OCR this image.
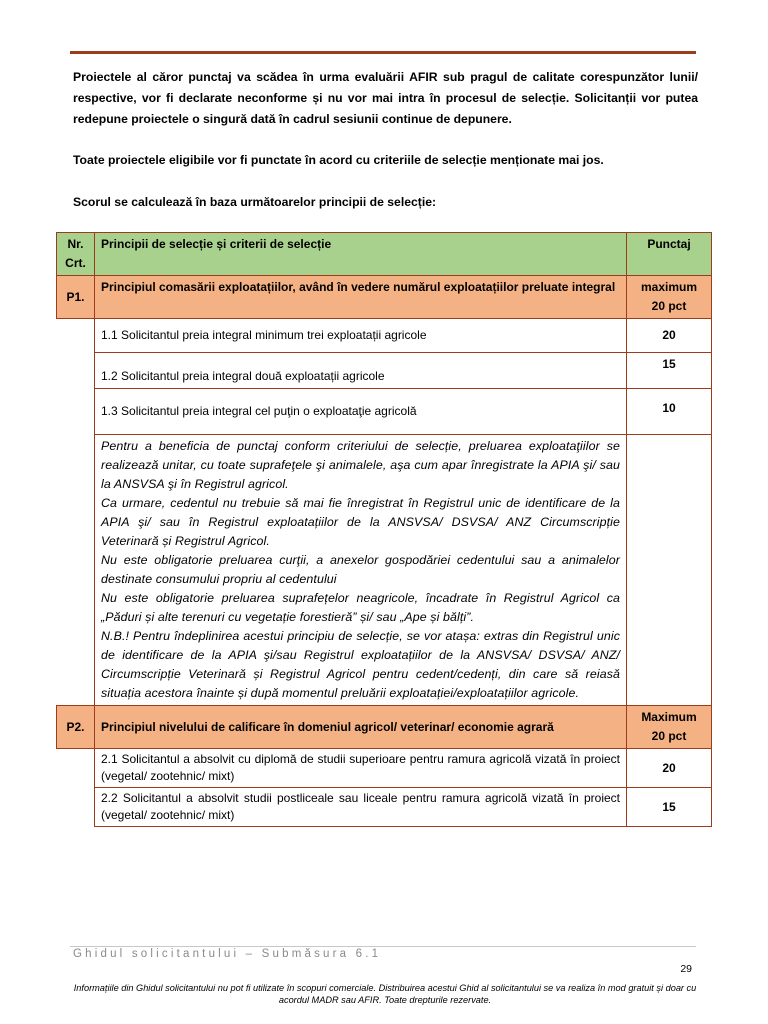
Proiectele al căror punctaj va scădea în urma evaluării AFIR sub pragul de calitate corespunzător lunii/ respective, vor fi declarate neconforme și nu vor mai intra în procesul de selecție. Solicitanții vor putea redepune proiectele o singură dată în cadrul sesiunii continue de depunere.

Toate proiectele eligibile vor fi punctate în acord cu criteriile de selecție menționate mai jos.

Scorul se calculează în baza următoarelor principii de selecție:

Nr. Crt.	Principii de selecție și criterii de selecție	Punctaj
P1.	Principiul comasării exploatațiilor, având în vedere numărul exploatațiilor preluate integral	maximum 20 pct
	1.1 Solicitantul preia integral minimum trei exploatații agricole	20
	1.2 Solicitantul preia integral două exploatații agricole	15
	1.3 Solicitantul preia integral cel puţin o exploataţie agricolă	10

	Pentru a beneficia de punctaj conform criteriului de selecție, preluarea exploataţiilor se realizează unitar, cu toate suprafeţele şi animalele, aşa cum apar înregistrate la APIA şi/ sau la ANSVSA şi în Registrul agricol.
Ca urmare, cedentul nu trebuie să mai fie înregistrat în Registrul unic de identificare de la APIA şi/ sau în Registrul exploatațiilor de la ANSVSA/ DSVSA/ ANZ Circumscripție Veterinară și Registrul Agricol.
Nu este obligatorie preluarea curţii, a anexelor gospodăriei cedentului sau a animalelor destinate consumului propriu al cedentului
Nu este obligatorie preluarea suprafețelor neagricole, încadrate în Registrul Agricol ca „Păduri și alte terenuri cu vegetație forestieră” și/ sau „Ape și bălți”.
N.B.! Pentru îndeplinirea acestui principiu de selecție, se vor atașa: extras din Registrul unic de identificare de la APIA şi/sau Registrul exploatațiilor de la ANSVSA/ DSVSA/ ANZ/ Circumscripție Veterinară și Registrul Agricol pentru cedent/cedenți, din care să reiasă situația acestora înainte și după momentul preluării exploatației/exploatațiilor agricole.	

P2.	Principiul nivelului de calificare în domeniul agricol/ veterinar/ economie agrară	Maximum 20 pct
	2.1 Solicitantul a absolvit cu diplomă de studii superioare pentru ramura agricolă vizată în proiect (vegetal/ zootehnic/ mixt)	20
	2.2 Solicitantul a absolvit studii postliceale sau liceale pentru ramura agricolă vizată în proiect (vegetal/ zootehnic/ mixt)	15
Ghidul solicitantului – Submăsura 6.1
29
Informațiile din Ghidul solicitantului nu pot fi utilizate în scopuri comerciale. Distribuirea acestui Ghid al solicitantului se va realiza în mod gratuit și doar cu acordul MADR sau AFIR. Toate drepturile rezervate.
